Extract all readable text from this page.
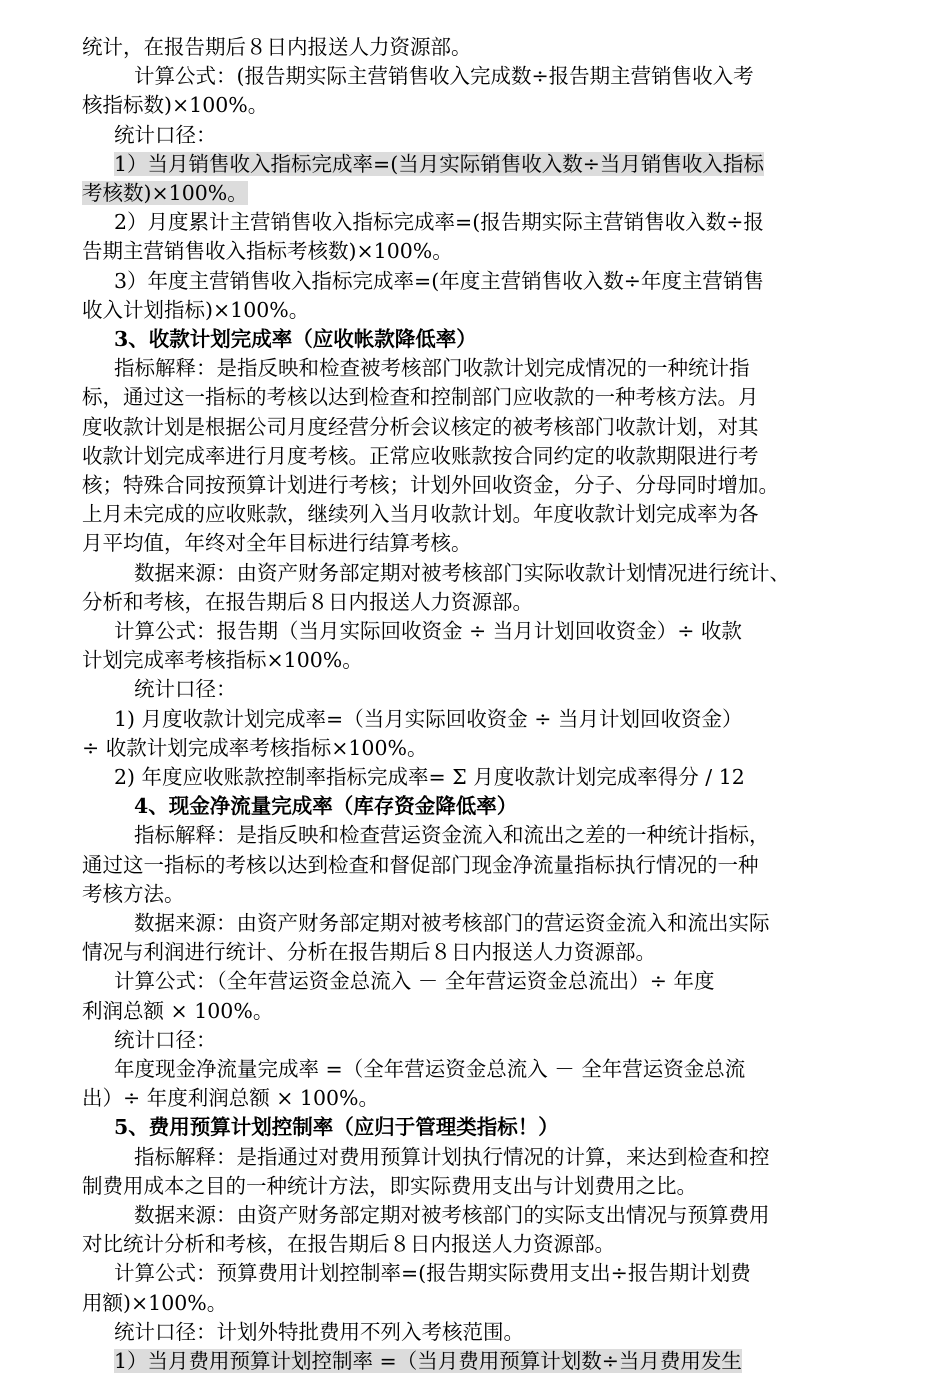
统计，在报告期后８日内报送人力资源部。
计算公式：(报告期实际主营销售收入完成数÷报告期主营销售收入考
核指标数)×100%。
统计口径：
1）当月销售收入指标完成率=(当月实际销售收入数÷当月销售收入指标
考核数)×100%。
2）月度累计主营销售收入指标完成率=(报告期实际主营销售收入数÷报
告期主营销售收入指标考核数)×100%。
3）年度主营销售收入指标完成率=(年度主营销售收入数÷年度主营销售
收入计划指标)×100%。
3、收款计划完成率（应收帐款降低率）
指标解释：是指反映和检查被考核部门收款计划完成情况的一种统计指
标，通过这一指标的考核以达到检查和控制部门应收款的一种考核方法。月
度收款计划是根据公司月度经营分析会议核定的被考核部门收款计划，对其
收款计划完成率进行月度考核。正常应收账款按合同约定的收款期限进行考
核；特殊合同按预算计划进行考核；计划外回收资金，分子、分母同时增加。
上月未完成的应收账款，继续列入当月收款计划。年度收款计划完成率为各
月平均值，年终对全年目标进行结算考核。
数据来源：由资产财务部定期对被考核部门实际收款计划情况进行统计、
分析和考核，在报告期后８日内报送人力资源部。
计算公式：报告期（当月实际回收资金 ÷ 当月计划回收资金）÷ 收款
计划完成率考核指标×100%。
统计口径：
1) 月度收款计划完成率=（当月实际回收资金 ÷ 当月计划回收资金）
÷ 收款计划完成率考核指标×100%。
2) 年度应收账款控制率指标完成率= Σ 月度收款计划完成率得分 / 12
4、现金净流量完成率（库存资金降低率）
指标解释：是指反映和检查营运资金流入和流出之差的一种统计指标，
通过这一指标的考核以达到检查和督促部门现金净流量指标执行情况的一种
考核方法。
数据来源：由资产财务部定期对被考核部门的营运资金流入和流出实际
情况与利润进行统计、分析在报告期后８日内报送人力资源部。
计算公式：（全年营运资金总流入 － 全年营运资金总流出）÷ 年度
利润总额 × 100%。
统计口径：
年度现金净流量完成率 =（全年营运资金总流入 － 全年营运资金总流
出）÷ 年度利润总额 × 100%。
5、费用预算计划控制率（应归于管理类指标！）
指标解释：是指通过对费用预算计划执行情况的计算，来达到检查和控
制费用成本之目的一种统计方法，即实际费用支出与计划费用之比。
数据来源：由资产财务部定期对被考核部门的实际支出情况与预算费用
对比统计分析和考核，在报告期后８日内报送人力资源部。
计算公式：预算费用计划控制率=(报告期实际费用支出÷报告期计划费
用额)×100%。
统计口径：计划外特批费用不列入考核范围。
1）当月费用预算计划控制率 =（当月费用预算计划数÷当月费用发生
